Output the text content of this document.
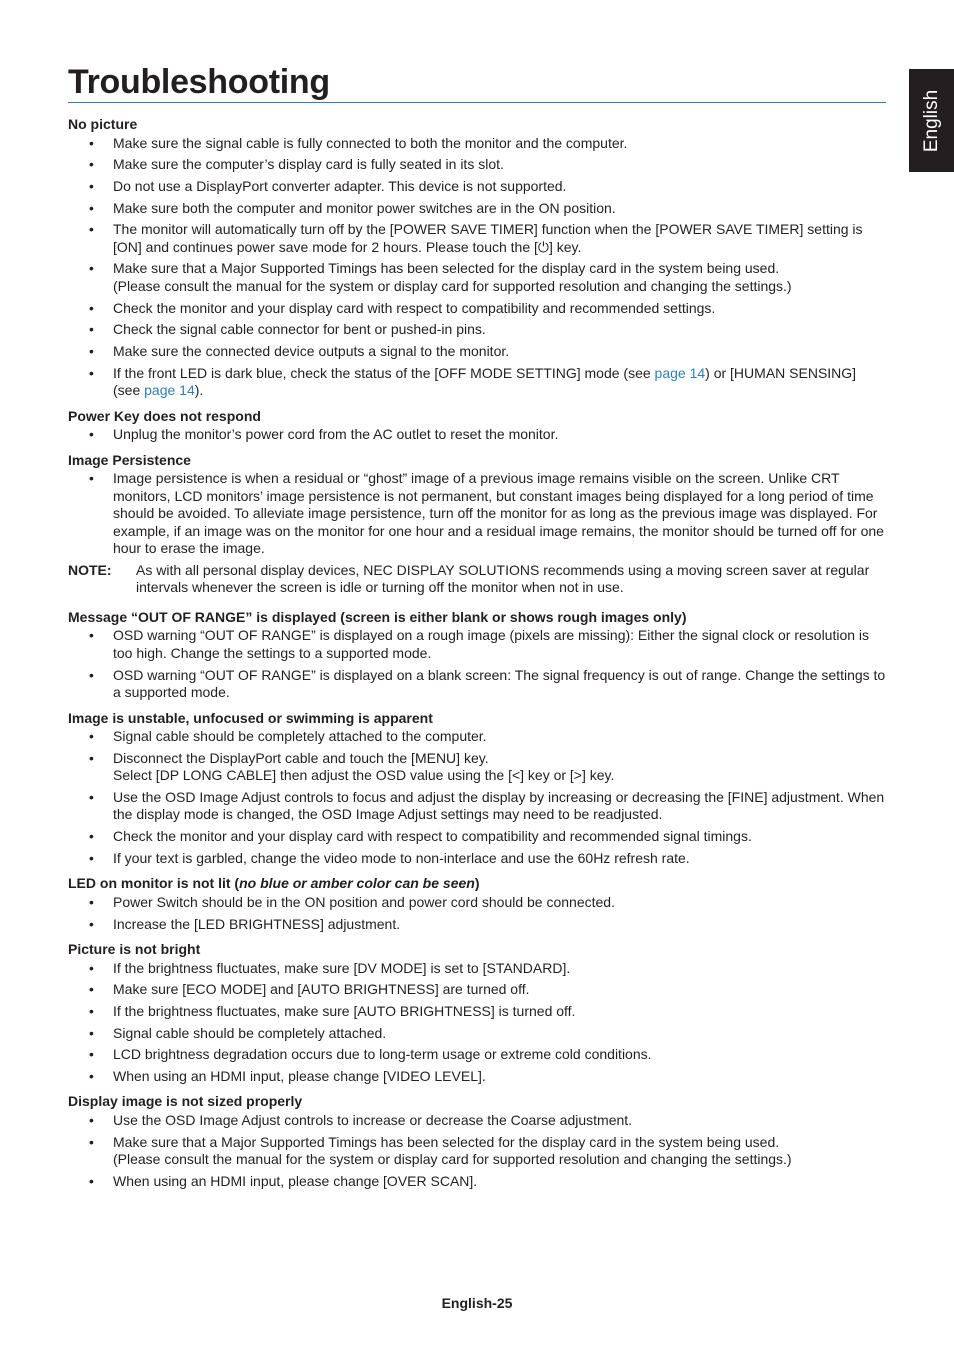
Troubleshooting
English
No picture
• Make sure the signal cable is fully connected to both the monitor and the computer.
• Make sure the computer’s display card is fully seated in its slot.
• Do not use a DisplayPort converter adapter. This device is not supported.
• Make sure both the computer and monitor power switches are in the ON position.
• The monitor will automatically turn off by the [POWER SAVE TIMER] function when the [POWER SAVE TIMER] setting is [ON] and continues power save mode for 2 hours. Please touch the [⏻] key.
• Make sure that a Major Supported Timings has been selected for the display card in the system being used.
(Please consult the manual for the system or display card for supported resolution and changing the settings.)
• Check the monitor and your display card with respect to compatibility and recommended settings.
• Check the signal cable connector for bent or pushed-in pins.
• Make sure the connected device outputs a signal to the monitor.
• If the front LED is dark blue, check the status of the [OFF MODE SETTING] mode (see page 14) or [HUMAN SENSING] (see page 14).
Power Key does not respond
• Unplug the monitor’s power cord from the AC outlet to reset the monitor.
Image Persistence
• Image persistence is when a residual or “ghost” image of a previous image remains visible on the screen. Unlike CRT monitors, LCD monitors’ image persistence is not permanent, but constant images being displayed for a long period of time should be avoided. To alleviate image persistence, turn off the monitor for as long as the previous image was displayed. For example, if an image was on the monitor for one hour and a residual image remains, the monitor should be turned off for one hour to erase the image.
NOTE:	As with all personal display devices, NEC DISPLAY SOLUTIONS recommends using a moving screen saver at regular intervals whenever the screen is idle or turning off the monitor when not in use.
Message “OUT OF RANGE” is displayed (screen is either blank or shows rough images only)
• OSD warning “OUT OF RANGE” is displayed on a rough image (pixels are missing): Either the signal clock or resolution is too high. Change the settings to a supported mode.
• OSD warning “OUT OF RANGE” is displayed on a blank screen: The signal frequency is out of range. Change the settings to a supported mode.
Image is unstable, unfocused or swimming is apparent
• Signal cable should be completely attached to the computer.
• Disconnect the DisplayPort cable and touch the [MENU] key.
Select [DP LONG CABLE] then adjust the OSD value using the [<] key or [>] key.
• Use the OSD Image Adjust controls to focus and adjust the display by increasing or decreasing the [FINE] adjustment. When the display mode is changed, the OSD Image Adjust settings may need to be readjusted.
• Check the monitor and your display card with respect to compatibility and recommended signal timings.
• If your text is garbled, change the video mode to non-interlace and use the 60Hz refresh rate.
LED on monitor is not lit (no blue or amber color can be seen)
• Power Switch should be in the ON position and power cord should be connected.
• Increase the [LED BRIGHTNESS] adjustment.
Picture is not bright
• If the brightness fluctuates, make sure [DV MODE] is set to [STANDARD].
• Make sure [ECO MODE] and [AUTO BRIGHTNESS] are turned off.
• If the brightness fluctuates, make sure [AUTO BRIGHTNESS] is turned off.
• Signal cable should be completely attached.
• LCD brightness degradation occurs due to long-term usage or extreme cold conditions.
• When using an HDMI input, please change [VIDEO LEVEL].
Display image is not sized properly
• Use the OSD Image Adjust controls to increase or decrease the Coarse adjustment.
• Make sure that a Major Supported Timings has been selected for the display card in the system being used.
(Please consult the manual for the system or display card for supported resolution and changing the settings.)
• When using an HDMI input, please change [OVER SCAN].
English-25
